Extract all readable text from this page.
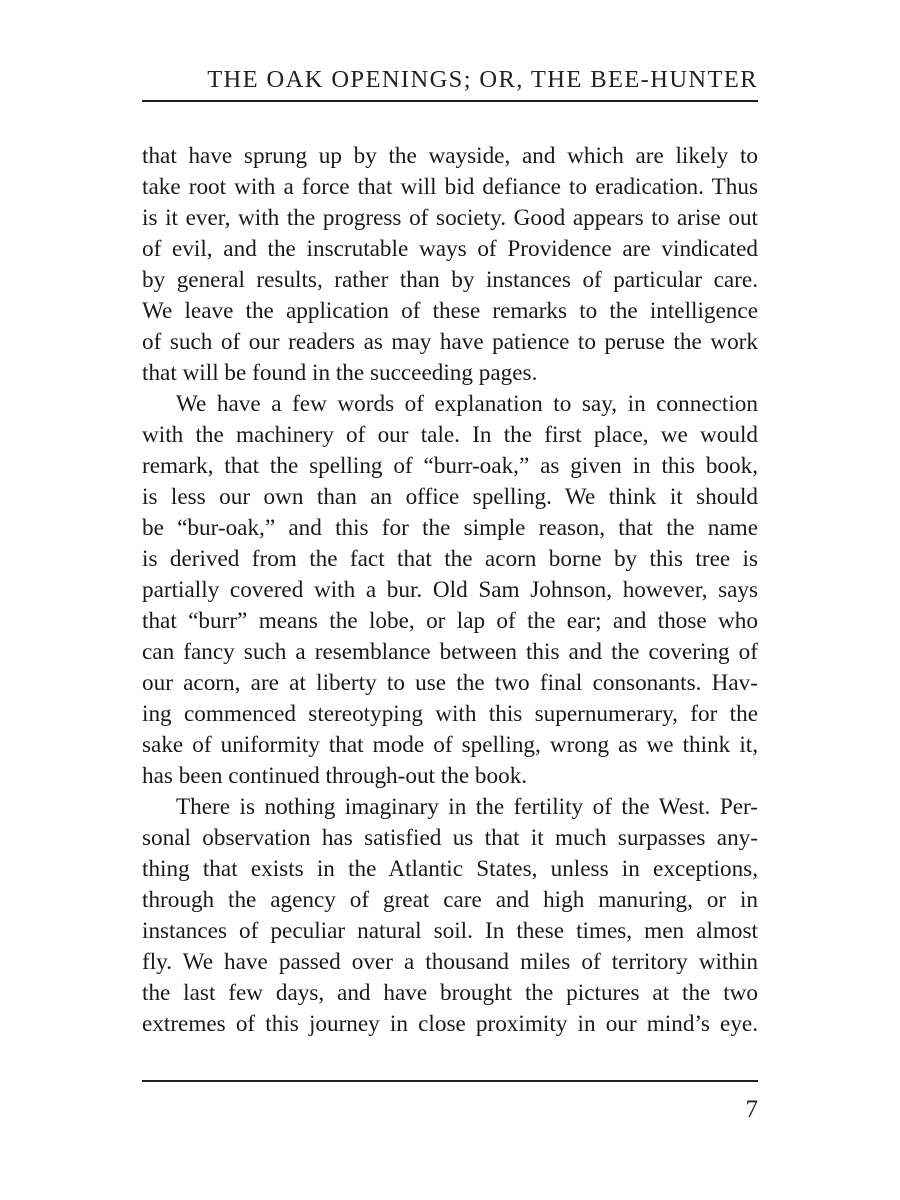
THE OAK OPENINGS; OR, THE BEE-HUNTER

that have sprung up by the wayside, and which are likely to
take root with a force that will bid defiance to eradication. Thus
is it ever, with the progress of society. Good appears to arise out
of evil, and the inscrutable ways of Providence are vindicated
by general results, rather than by instances of particular care.
We leave the application of these remarks to the intelligence
of such of our readers as may have patience to peruse the work
that will be found in the succeeding pages.

We have a few words of explanation to say, in connection
with the machinery of our tale. In the first place, we would
remark, that the spelling of “burr-oak,” as given in this book,
is less our own than an office spelling. We think it should
be “bur-oak,” and this for the simple reason, that the name
is derived from the fact that the acorn borne by this tree is
partially covered with a bur. Old Sam Johnson, however, says
that “burr” means the lobe, or lap of the ear; and those who
can fancy such a resemblance between this and the covering of
our acorn, are at liberty to use the two final consonants. Hav-
ing commenced stereotyping with this supernumerary, for the
sake of uniformity that mode of spelling, wrong as we think it,
has been continued through-out the book.

There is nothing imaginary in the fertility of the West. Per-
sonal observation has satisfied us that it much surpasses any-
thing that exists in the Atlantic States, unless in exceptions,
through the agency of great care and high manuring, or in
instances of peculiar natural soil. In these times, men almost
fly. We have passed over a thousand miles of territory within
the last few days, and have brought the pictures at the two
extremes of this journey in close proximity in our mind’s eye.

7
